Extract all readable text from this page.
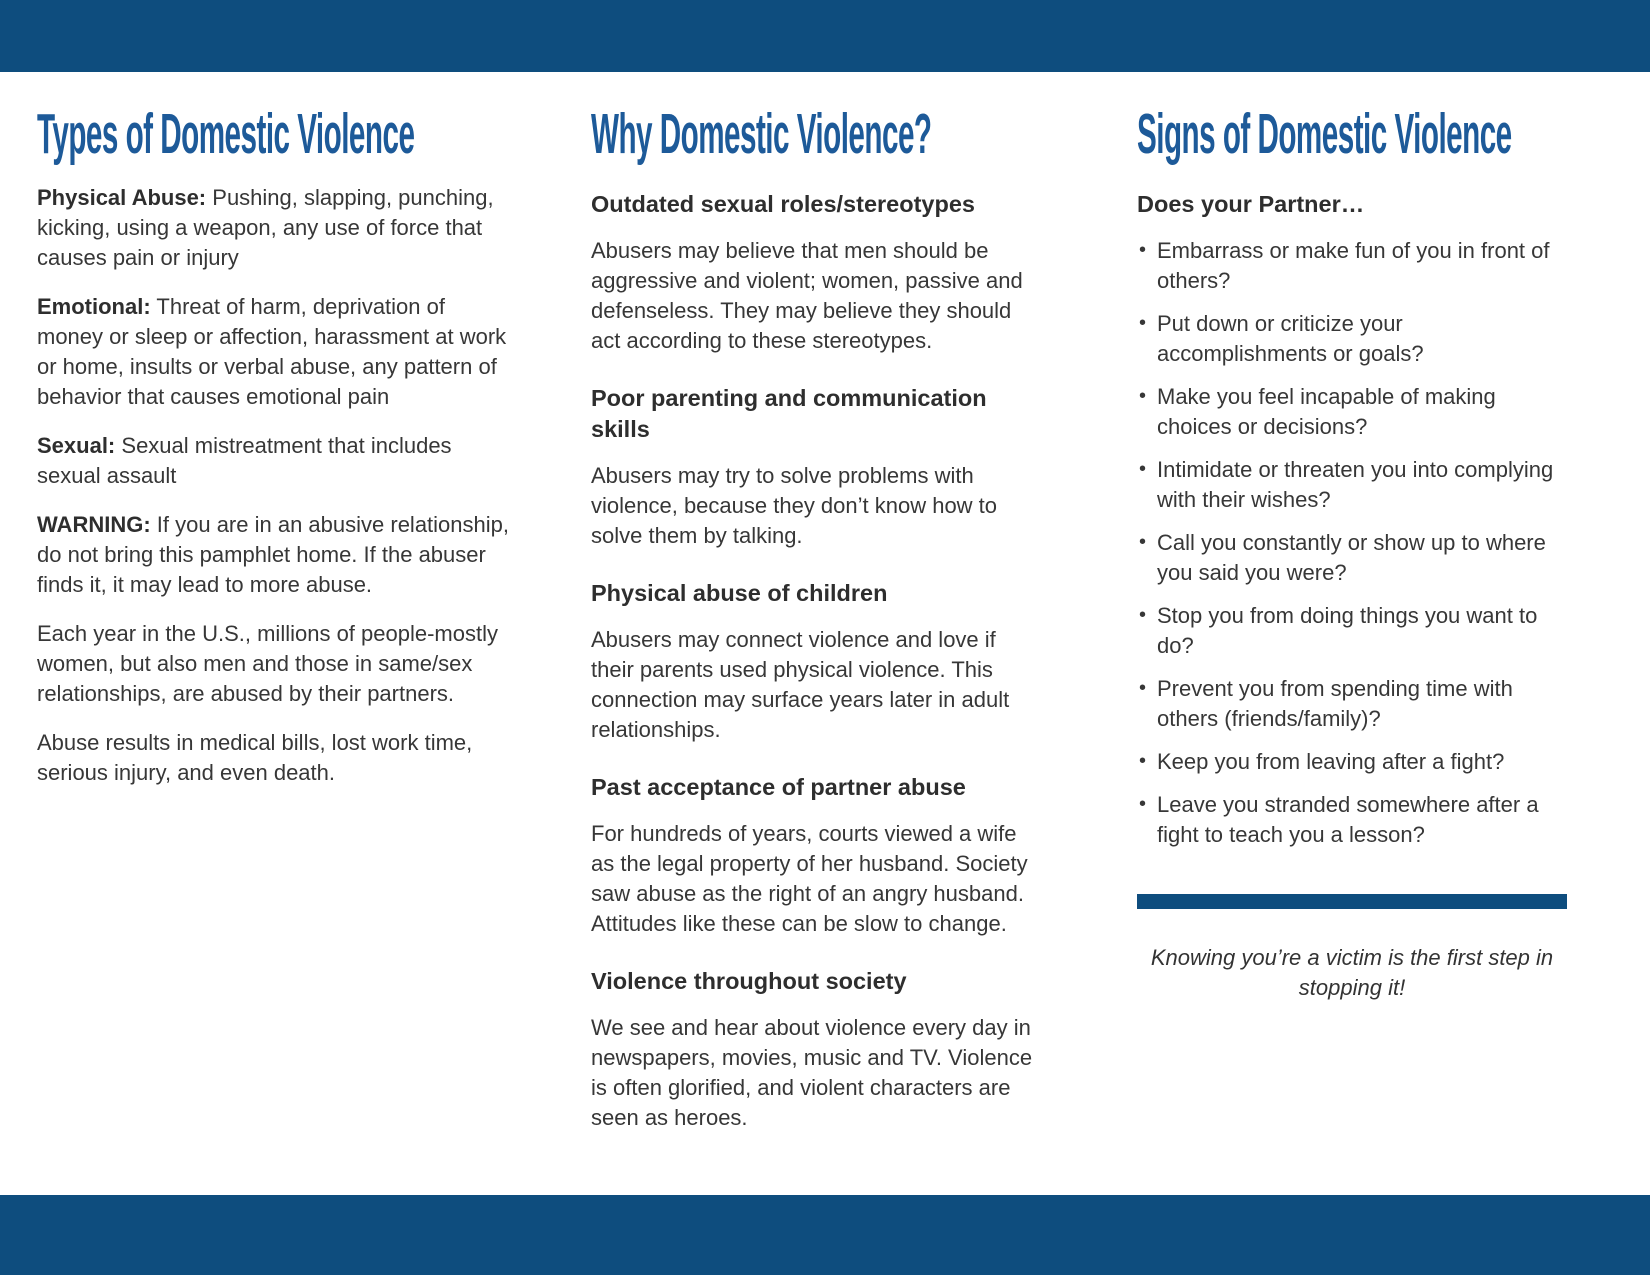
Types of Domestic Violence

Physical Abuse: Pushing, slapping, punching, kicking, using a weapon, any use of force that causes pain or injury

Emotional: Threat of harm, deprivation of money or sleep or affection, harassment at work or home, insults or verbal abuse, any pattern of behavior that causes emotional pain

Sexual: Sexual mistreatment that includes sexual assault

WARNING: If you are in an abusive relationship, do not bring this pamphlet home. If the abuser finds it, it may lead to more abuse.

Each year in the U.S., millions of people-mostly women, but also men and those in same/sex relationships, are abused by their partners.

Abuse results in medical bills, lost work time, serious injury, and even death.

Why Domestic Violence?
Outdated sexual roles/stereotypes

Abusers may believe that men should be aggressive and violent; women, passive and defenseless. They may believe they should act according to these stereotypes.

Poor parenting and communication skills

Abusers may try to solve problems with violence, because they don’t know how to solve them by talking.

Physical abuse of children

Abusers may connect violence and love if their parents used physical violence. This connection may surface years later in adult relationships.

Past acceptance of partner abuse

For hundreds of years, courts viewed a wife as the legal property of her husband. Society saw abuse as the right of an angry husband. Attitudes like these can be slow to change.

Violence throughout society

We see and hear about violence every day in newspapers, movies, music and TV. Violence is often glorified, and violent characters are seen as heroes.

Signs of Domestic Violence
Does your Partner…
• Embarrass or make fun of you in front of others?
• Put down or criticize your accomplishments or goals?
• Make you feel incapable of making choices or decisions?
• Intimidate or threaten you into complying with their wishes?
• Call you constantly or show up to where you said you were?
• Stop you from doing things you want to do?
• Prevent you from spending time with others (friends/family)?
• Keep you from leaving after a fight?
• Leave you stranded somewhere after a fight to teach you a lesson?

Knowing you’re a victim is the first step in stopping it!
